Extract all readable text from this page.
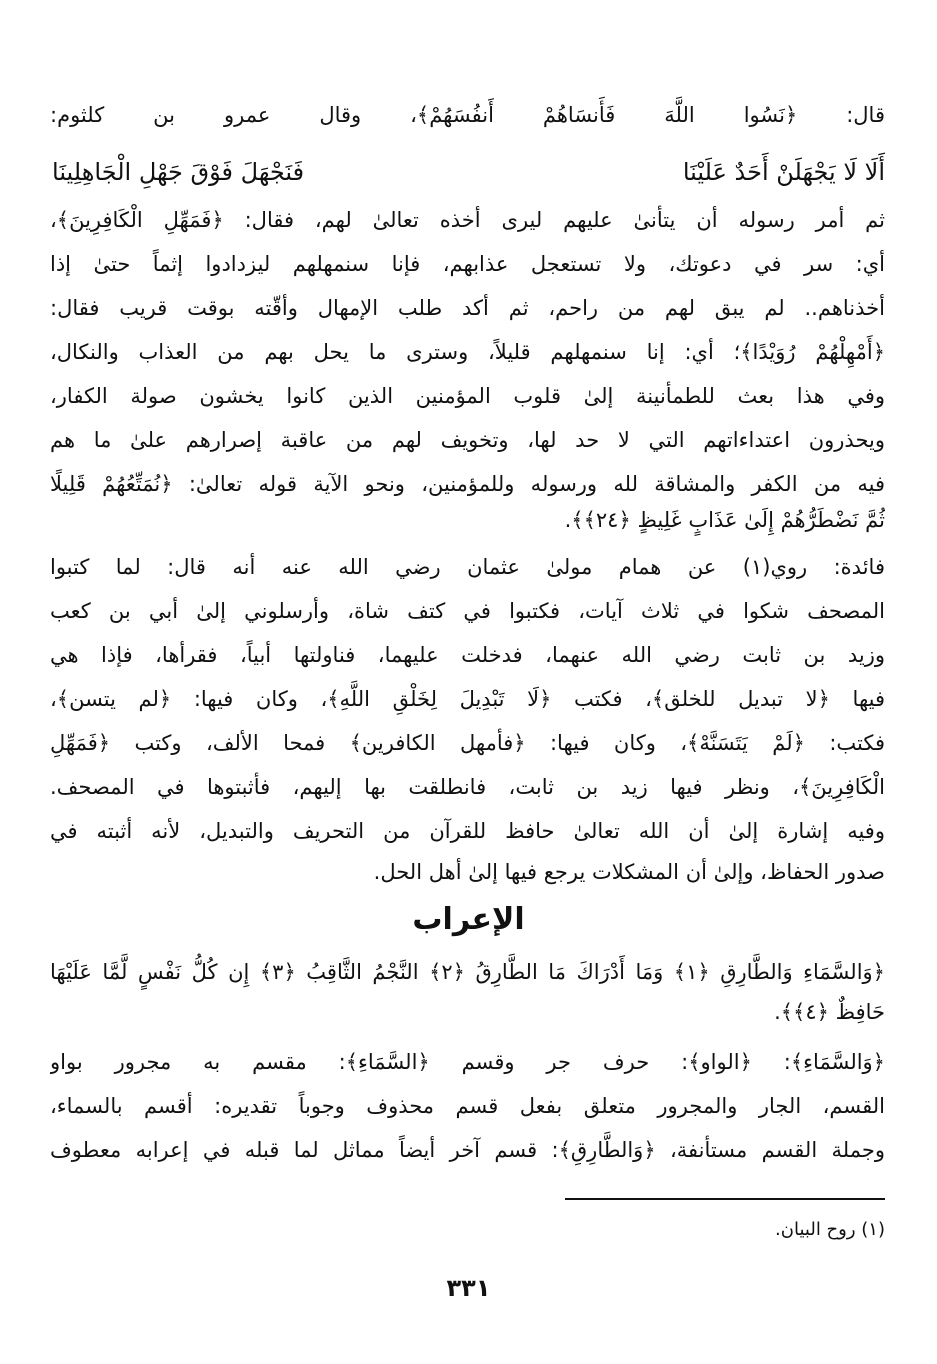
قال: ﴿نَسُوا اللَّهَ فَأَنسَاهُمْ أَنفُسَهُمْ﴾، وقال عمرو بن كلثوم:
أَلَا لَا يَجْهَلَنْ أَحَدٌ عَلَيْنَا
فَنَجْهَلَ فَوْقَ جَهْلِ الْجَاهِلِينَا
ثم أمر رسوله أن يتأنىٰ عليهم ليرى أخذه تعالىٰ لهم، فقال: ﴿فَمَهِّلِ الْكَافِرِينَ﴾،
أي: سر في دعوتك، ولا تستعجل عذابهم، فإنا سنمهلهم ليزدادوا إثماً حتىٰ إذا
أخذناهم.. لم يبق لهم من راحم، ثم أكد طلب الإمهال وأقّته بوقت قريب فقال:
﴿أَمْهِلْهُمْ رُوَيْدًا﴾؛ أي: إنا سنمهلهم قليلاً، وسترى ما يحل بهم من العذاب والنكال،
وفي هذا بعث للطمأنينة إلىٰ قلوب المؤمنين الذين كانوا يخشون صولة الكفار،
ويحذرون اعتداءاتهم التي لا حد لها، وتخويف لهم من عاقبة إصرارهم علىٰ ما هم
فيه من الكفر والمشاقة لله ورسوله وللمؤمنين، ونحو الآية قوله تعالىٰ: ﴿نُمَتِّعُهُمْ قَلِيلًا
ثُمَّ نَضْطَرُّهُمْ إِلَىٰ عَذَابٍ غَلِيظٍ ﴿٢٤﴾﴾.
فائدة: روي(١) عن همام مولىٰ عثمان رضي الله عنه أنه قال: لما كتبوا
المصحف شكوا في ثلاث آيات، فكتبوا في كتف شاة، وأرسلوني إلىٰ أبي بن كعب
وزيد بن ثابت رضي الله عنهما، فدخلت عليهما، فناولتها أبياً، فقرأها، فإذا هي
فيها ﴿لا تبديل للخلق﴾، فكتب ﴿لَا تَبْدِيلَ لِخَلْقِ اللَّهِ﴾، وكان فيها: ﴿لم يتسن﴾،
فكتب: ﴿لَمْ يَتَسَنَّهْ﴾، وكان فيها: ﴿فأمهل الكافرين﴾ فمحا الألف، وكتب ﴿فَمَهِّلِ
الْكَافِرِينَ﴾، ونظر فيها زيد بن ثابت، فانطلقت بها إليهم، فأثبتوها في المصحف.
وفيه إشارة إلىٰ أن الله تعالىٰ حافظ للقرآن من التحريف والتبديل، لأنه أثبته في
صدور الحفاظ، وإلىٰ أن المشكلات يرجع فيها إلىٰ أهل الحل.
الإعراب
﴿وَالسَّمَاءِ وَالطَّارِقِ ﴿١﴾ وَمَا أَدْرَاكَ مَا الطَّارِقُ ﴿٢﴾ النَّجْمُ الثَّاقِبُ ﴿٣﴾ إِن كُلُّ نَفْسٍ لَّمَّا عَلَيْهَا
حَافِظٌ ﴿٤﴾﴾.
﴿وَالسَّمَاءِ﴾: ﴿الواو﴾: حرف جر وقسم ﴿السَّمَاءِ﴾: مقسم به مجرور بواو
القسم، الجار والمجرور متعلق بفعل قسم محذوف وجوباً تقديره: أقسم بالسماء،
وجملة القسم مستأنفة، ﴿وَالطَّارِقِ﴾: قسم آخر أيضاً مماثل لما قبله في إعرابه معطوف
(١) روح البيان.
٣٣١
